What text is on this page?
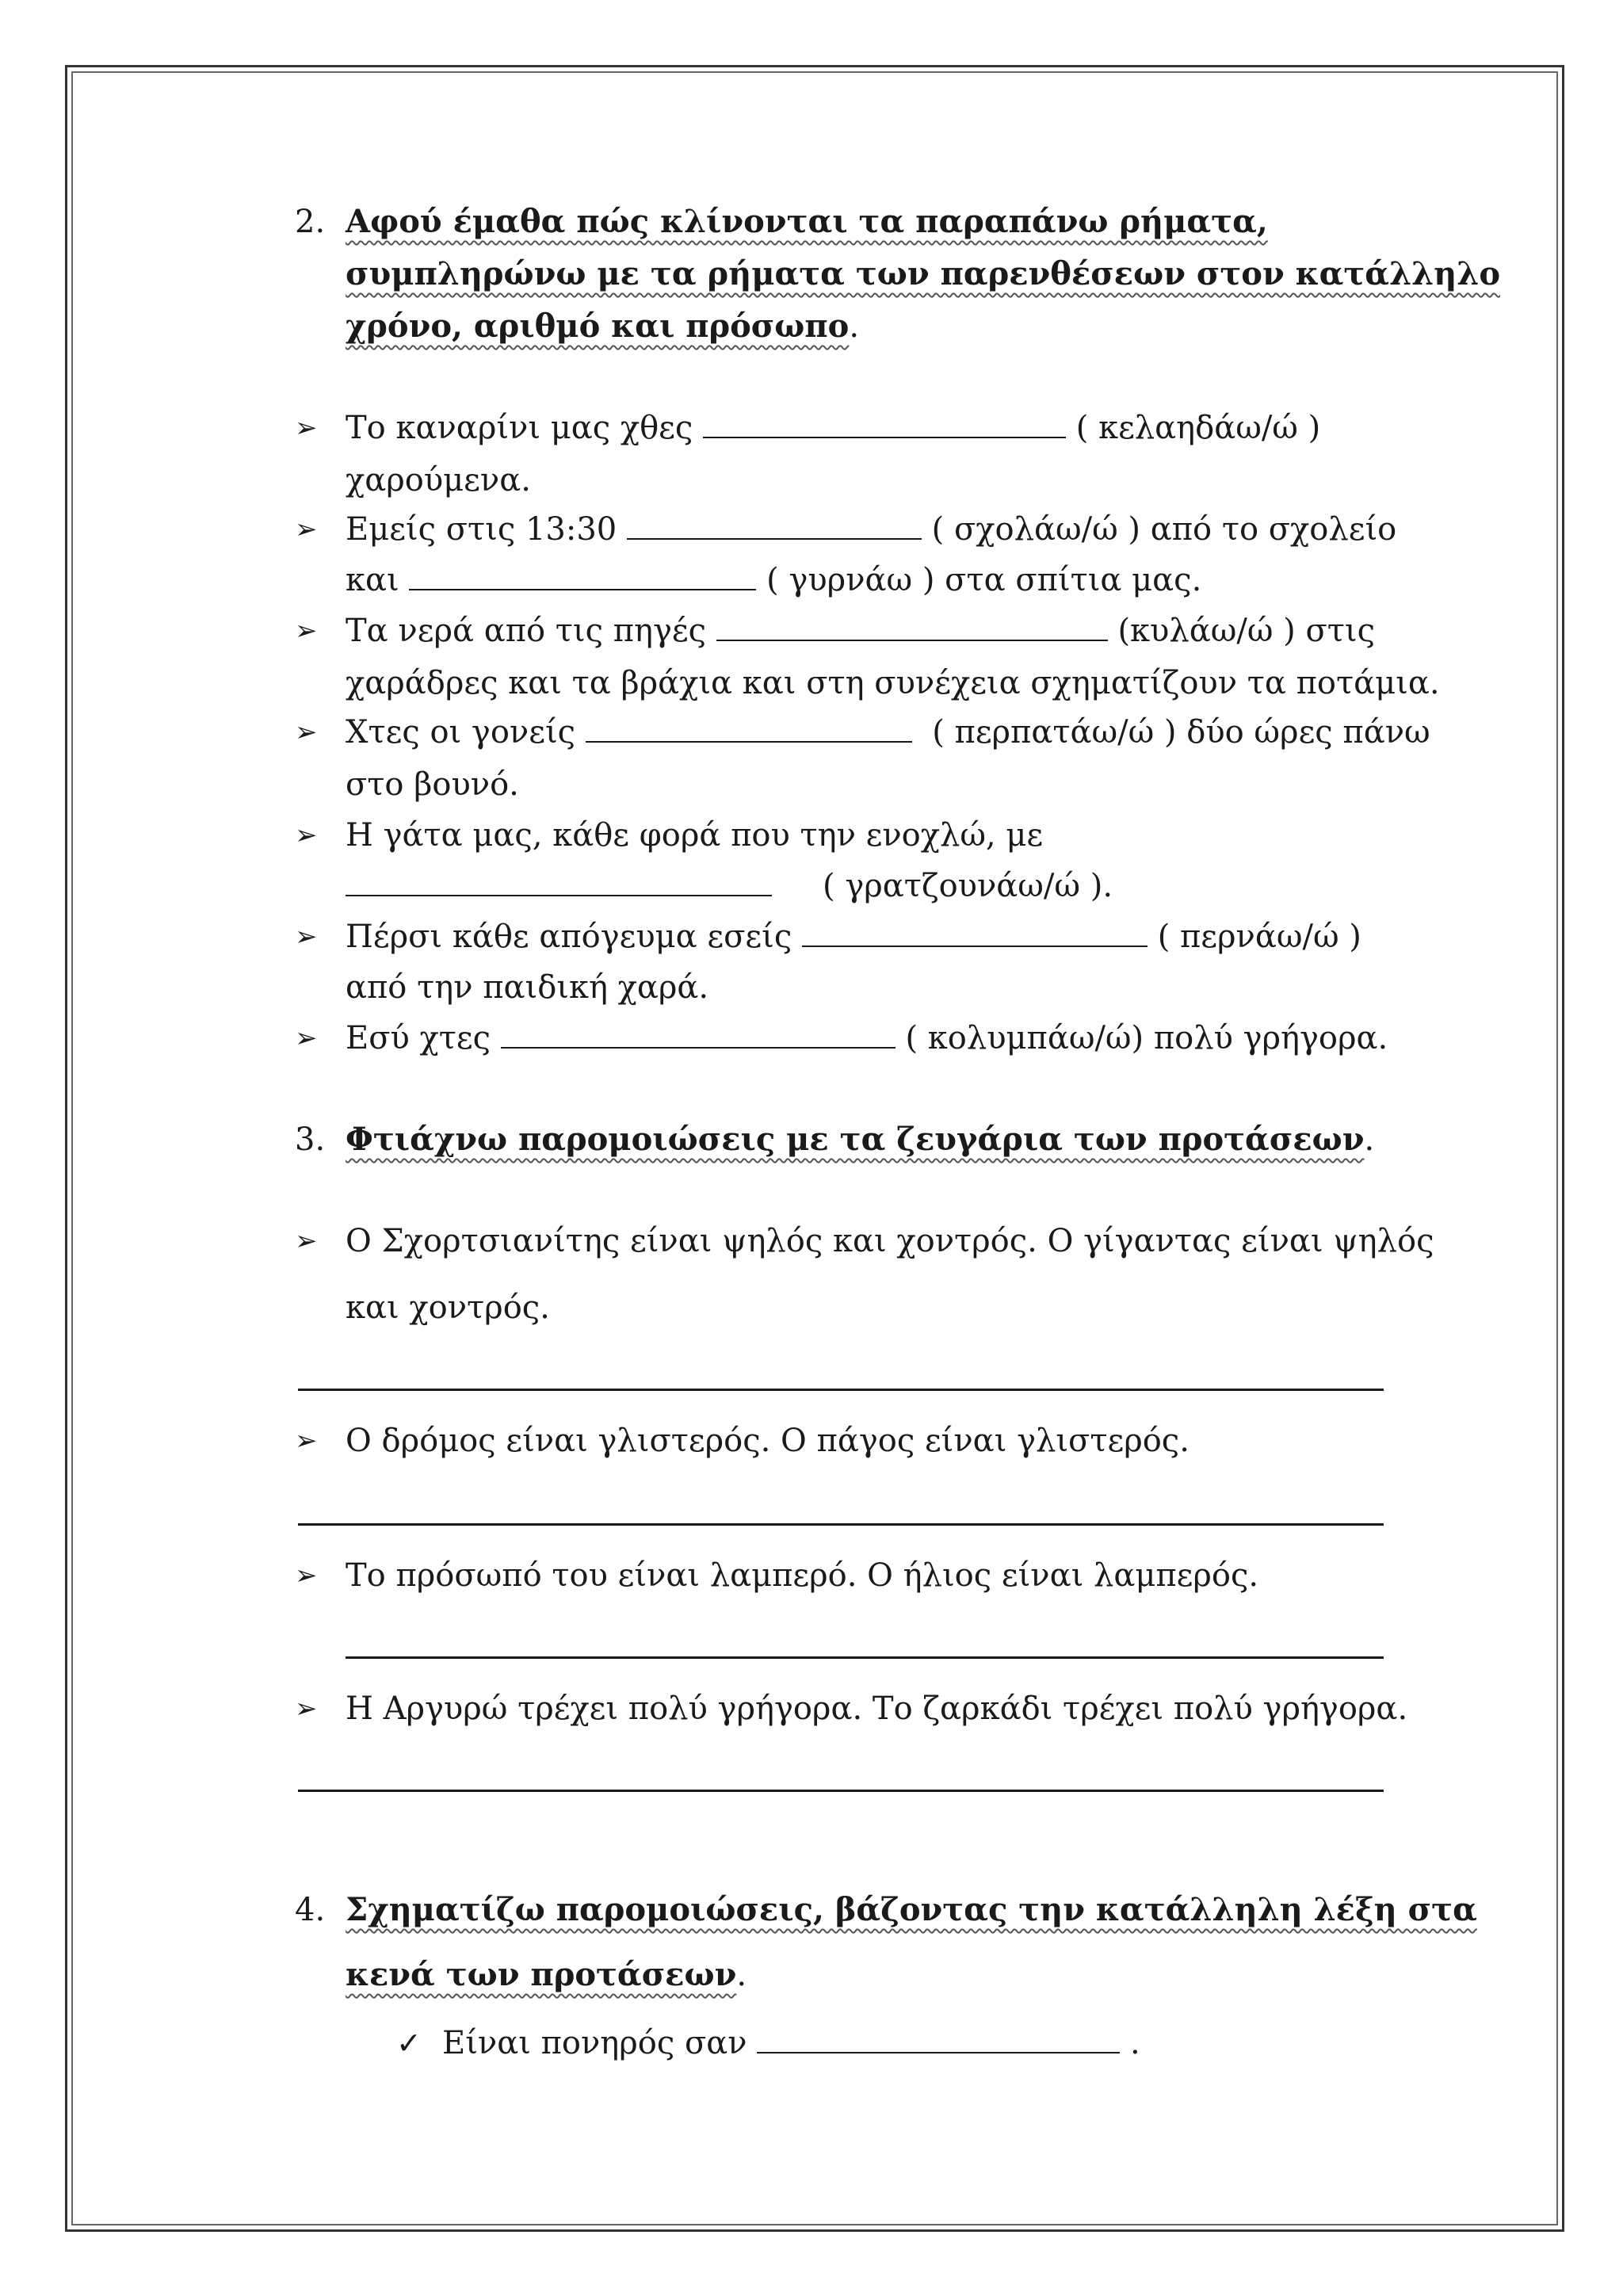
2. Αφού έμαθα πώς κλίνονται τα παραπάνω ρήματα,
συμπληρώνω με τα ρήματα των παρενθέσεων στον κατάλληλο
χρόνο, αριθμό και πρόσωπο.
➢ Το καναρίνι μας χθες	( κελαηδάω/ώ )
χαρούμενα.
➢ Εμείς στις 13:30	( σχολάω/ώ ) από το σχολείο
και	( γυρνάω ) στα σπίτια μας.
➢ Τα νερά από τις πηγές	(κυλάω/ώ ) στις
χαράδρες και τα βράχια και στη συνέχεια σχηματίζουν τα ποτάμια.
➢ Χτες οι γονείς	( περπατάω/ώ ) δύο ώρες πάνω
στο βουνό.
➢ Η γάτα μας, κάθε φορά που την ενοχλώ, με
( γρατζουνάω/ώ ).
➢ Πέρσι κάθε απόγευμα εσείς	( περνάω/ώ )
από την παιδική χαρά.
➢ Εσύ χτες	( κολυμπάω/ώ) πολύ γρήγορα.
3. Φτιάχνω παρομοιώσεις με τα ζευγάρια των προτάσεων.
➢ Ο Σχορτσιανίτης είναι ψηλός και χοντρός. Ο γίγαντας είναι ψηλός
και χοντρός.
➢ Ο δρόμος είναι γλιστερός. Ο πάγος είναι γλιστερός.
➢ Το πρόσωπό του είναι λαμπερό. Ο ήλιος είναι λαμπερός.
➢ Η Αργυρώ τρέχει πολύ γρήγορα. Το ζαρκάδι τρέχει πολύ γρήγορα.
4. Σχηματίζω παρομοιώσεις, βάζοντας την κατάλληλη λέξη στα
κενά των προτάσεων.
✓ Είναι πονηρός σαν	.
